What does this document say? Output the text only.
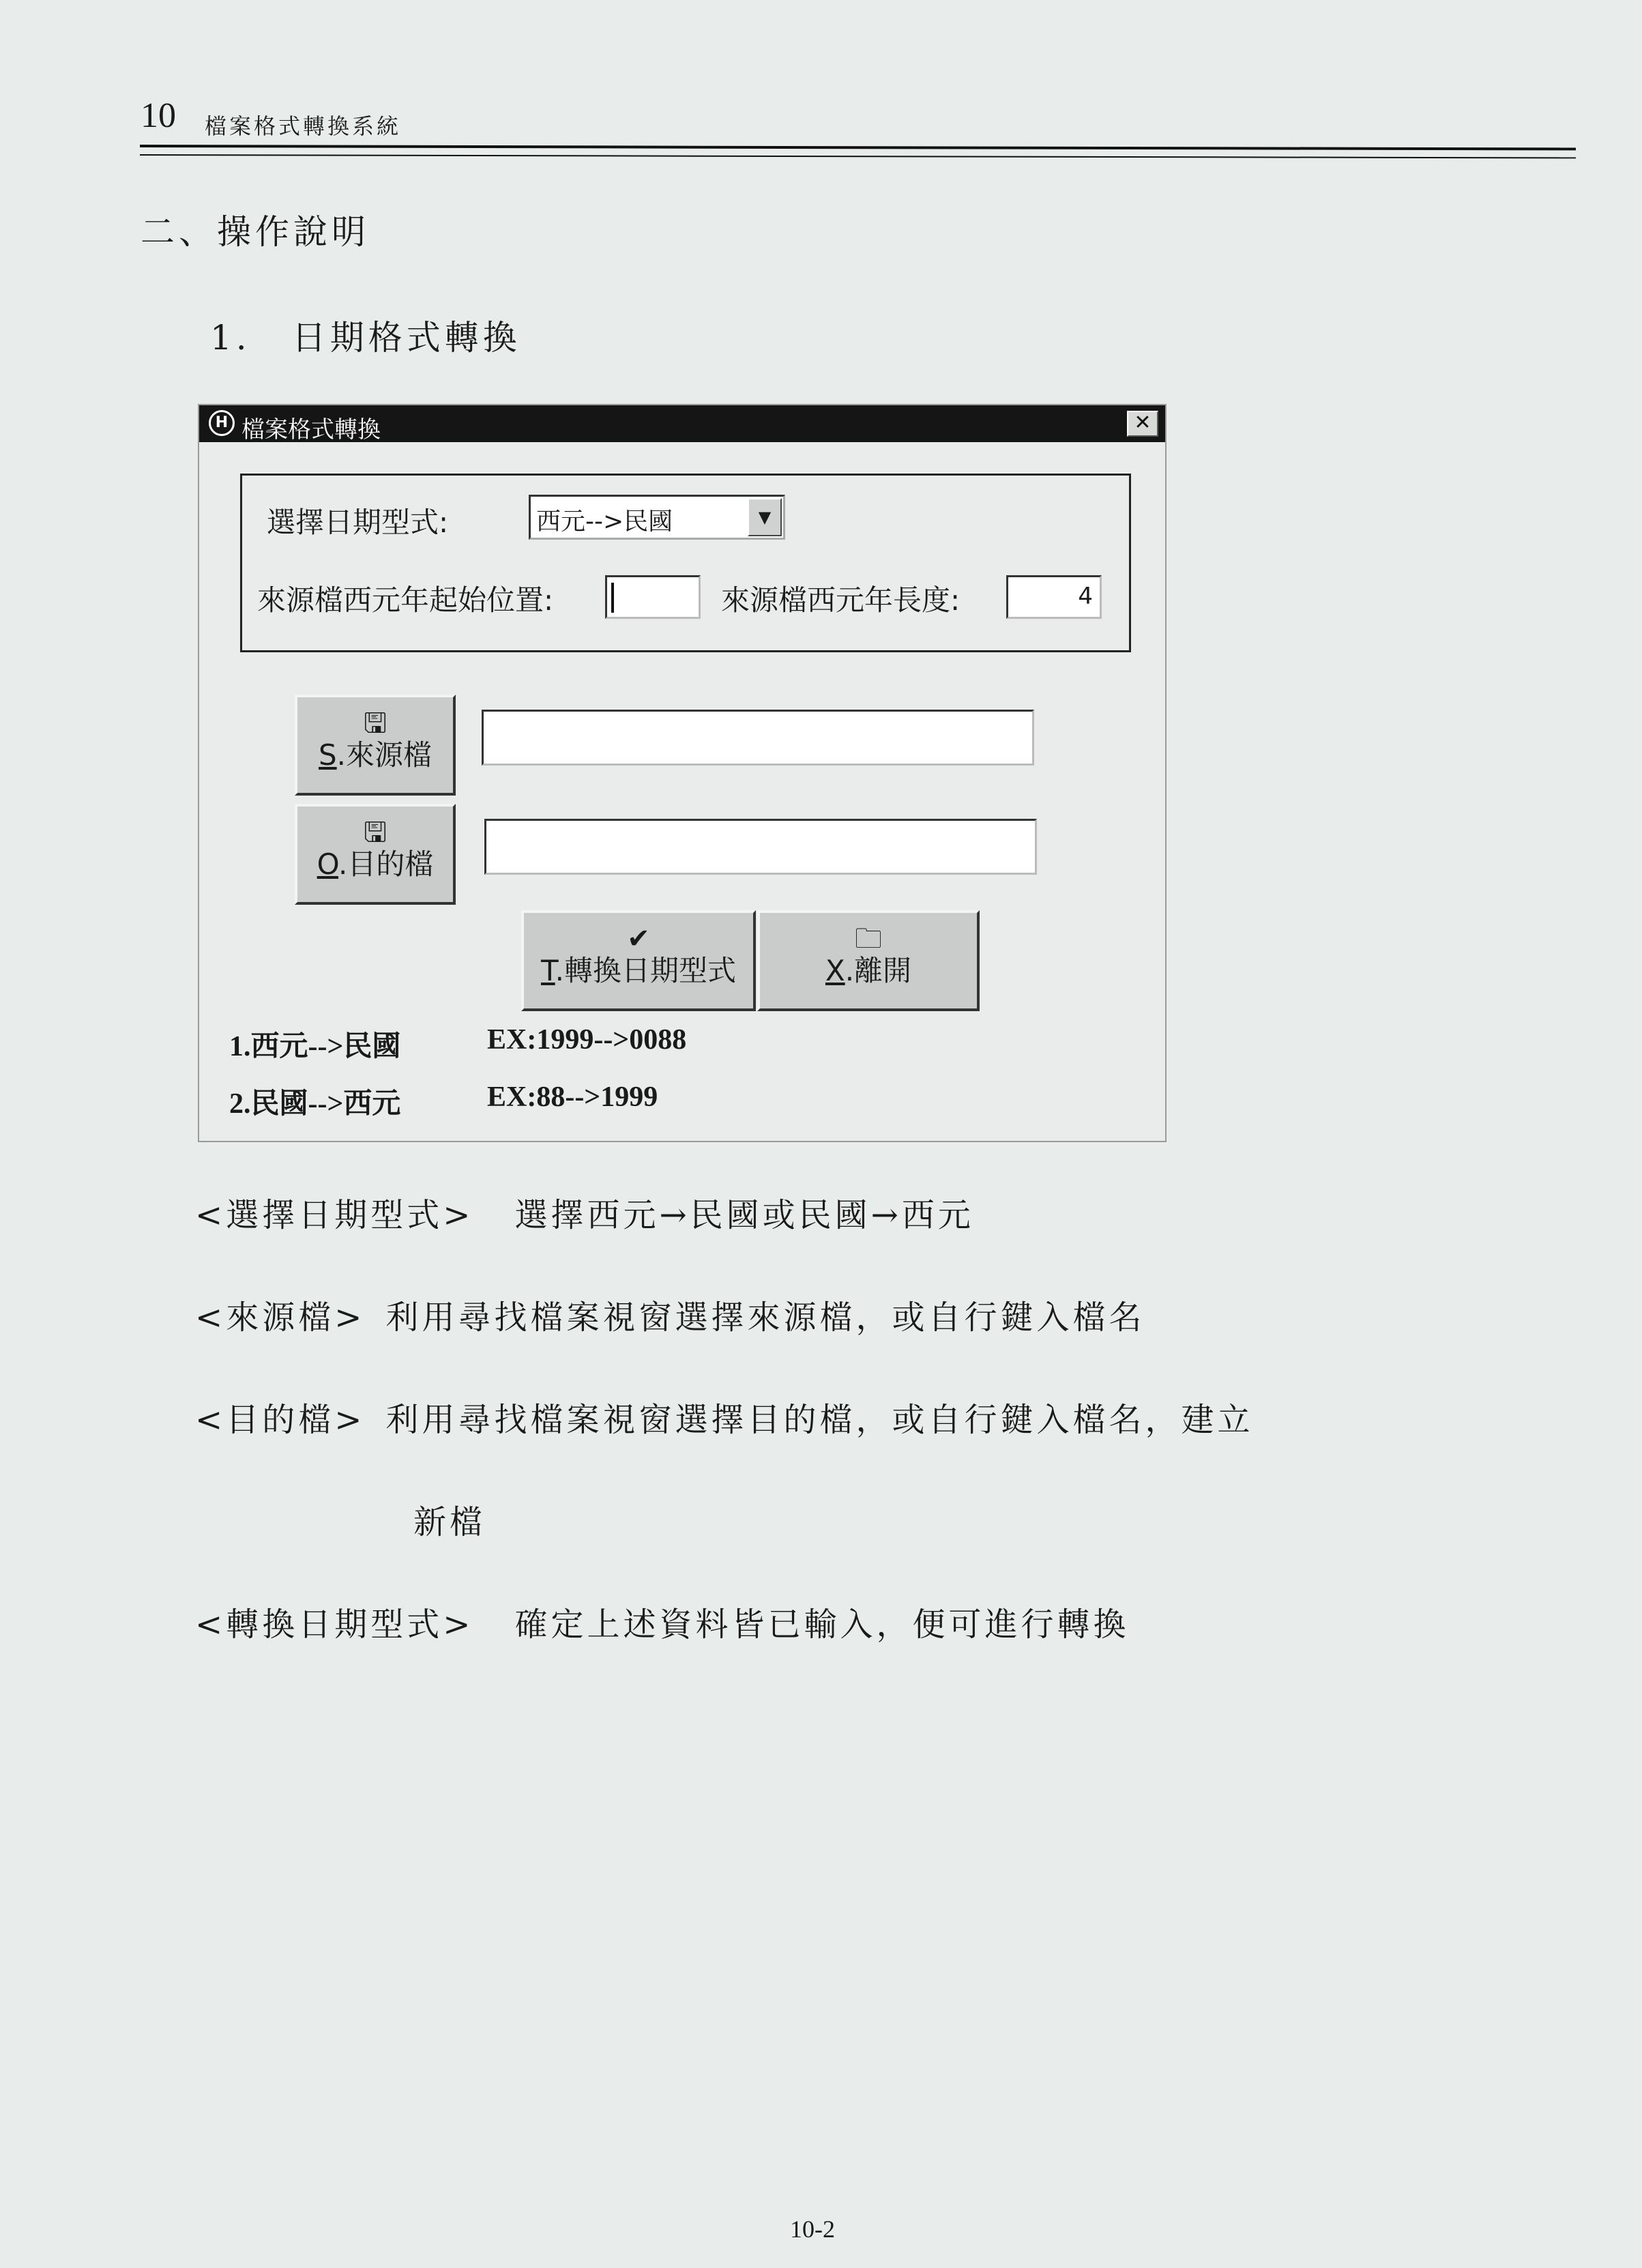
10 檔案格式轉換系統
二、操作說明
1. 日期格式轉換
H 檔案格式轉換	✕
選擇日期型式:	西元-->民國	▼
來源檔西元年起始位置:	來源檔西元年長度:	4
🖫
S.來源檔
🖫
O.目的檔
✔
T.轉換日期型式
🗀
X.離開
1.西元-->民國	EX:1999-->0088
2.民國-->西元	EX:88-->1999
<選擇日期型式> 選擇西元→民國或民國→西元
<來源檔> 利用尋找檔案視窗選擇來源檔，或自行鍵入檔名
<目的檔> 利用尋找檔案視窗選擇目的檔，或自行鍵入檔名，建立
新檔
<轉換日期型式> 確定上述資料皆已輸入，便可進行轉換
10-2
